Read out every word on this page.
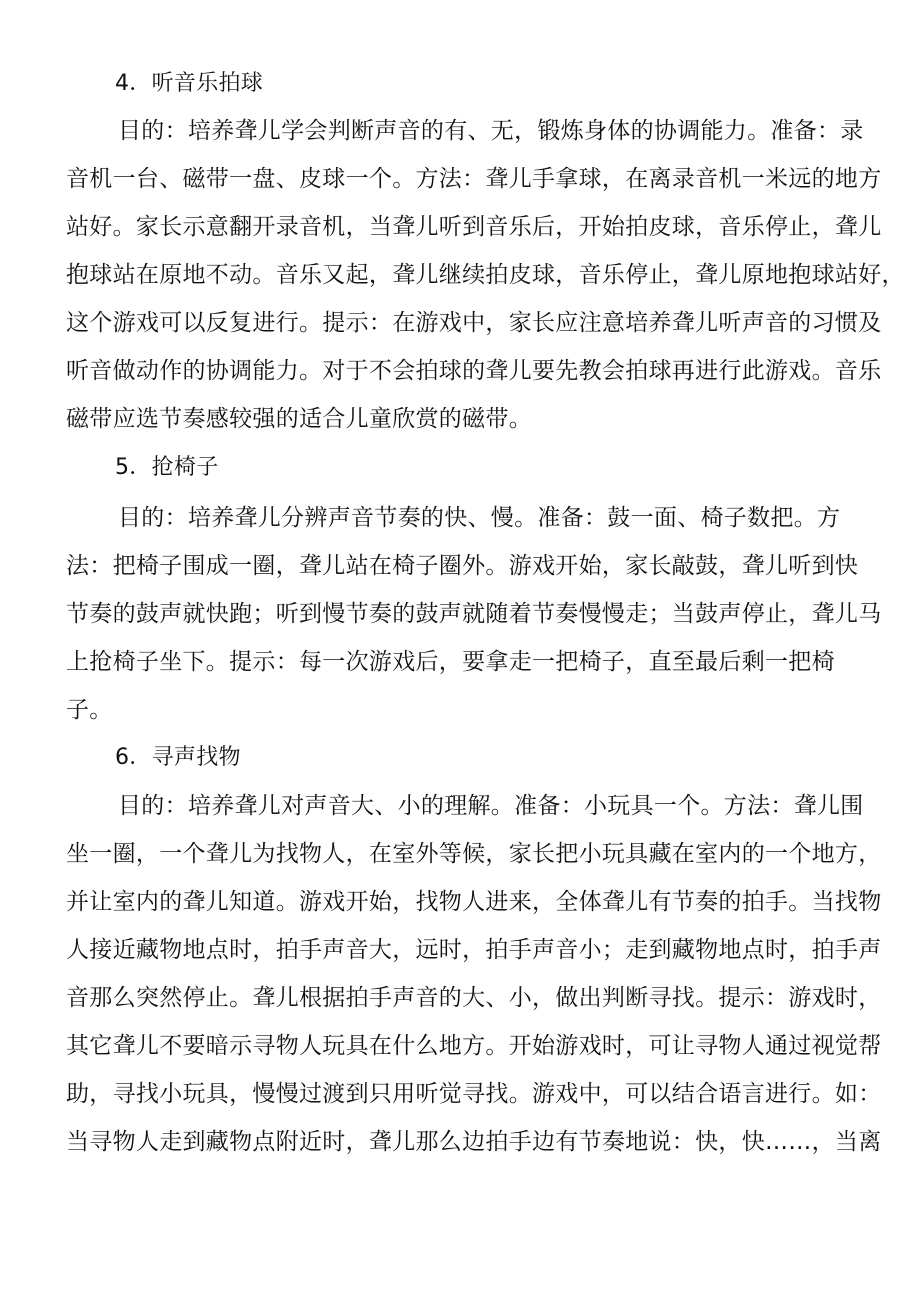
4．听音乐拍球
目的：培养聋儿学会判断声音的有、无，锻炼身体的协调能力。准备：录
音机一台、磁带一盘、皮球一个。方法：聋儿手拿球，在离录音机一米远的地方
站好。家长示意翻开录音机，当聋儿听到音乐后，开始拍皮球，音乐停止，聋儿
抱球站在原地不动。音乐又起，聋儿继续拍皮球，音乐停止，聋儿原地抱球站好，
这个游戏可以反复进行。提示：在游戏中，家长应注意培养聋儿听声音的习惯及
听音做动作的协调能力。对于不会拍球的聋儿要先教会拍球再进行此游戏。音乐
磁带应选节奏感较强的适合儿童欣赏的磁带。
5．抢椅子
目的：培养聋儿分辨声音节奏的快、慢。准备：鼓一面、椅子数把。方
法：把椅子围成一圈，聋儿站在椅子圈外。游戏开始，家长敲鼓，聋儿听到快
节奏的鼓声就快跑；听到慢节奏的鼓声就随着节奏慢慢走；当鼓声停止，聋儿马
上抢椅子坐下。提示：每一次游戏后，要拿走一把椅子，直至最后剩一把椅
子。
6．寻声找物
目的：培养聋儿对声音大、小的理解。准备：小玩具一个。方法：聋儿围
坐一圈，一个聋儿为找物人，在室外等候，家长把小玩具藏在室内的一个地方，
并让室内的聋儿知道。游戏开始，找物人进来，全体聋儿有节奏的拍手。当找物
人接近藏物地点时，拍手声音大，远时，拍手声音小；走到藏物地点时，拍手声
音那么突然停止。聋儿根据拍手声音的大、小，做出判断寻找。提示：游戏时，
其它聋儿不要暗示寻物人玩具在什么地方。开始游戏时，可让寻物人通过视觉帮
助，寻找小玩具，慢慢过渡到只用听觉寻找。游戏中，可以结合语言进行。如：
当寻物人走到藏物点附近时，聋儿那么边拍手边有节奏地说：快，快……，当离
